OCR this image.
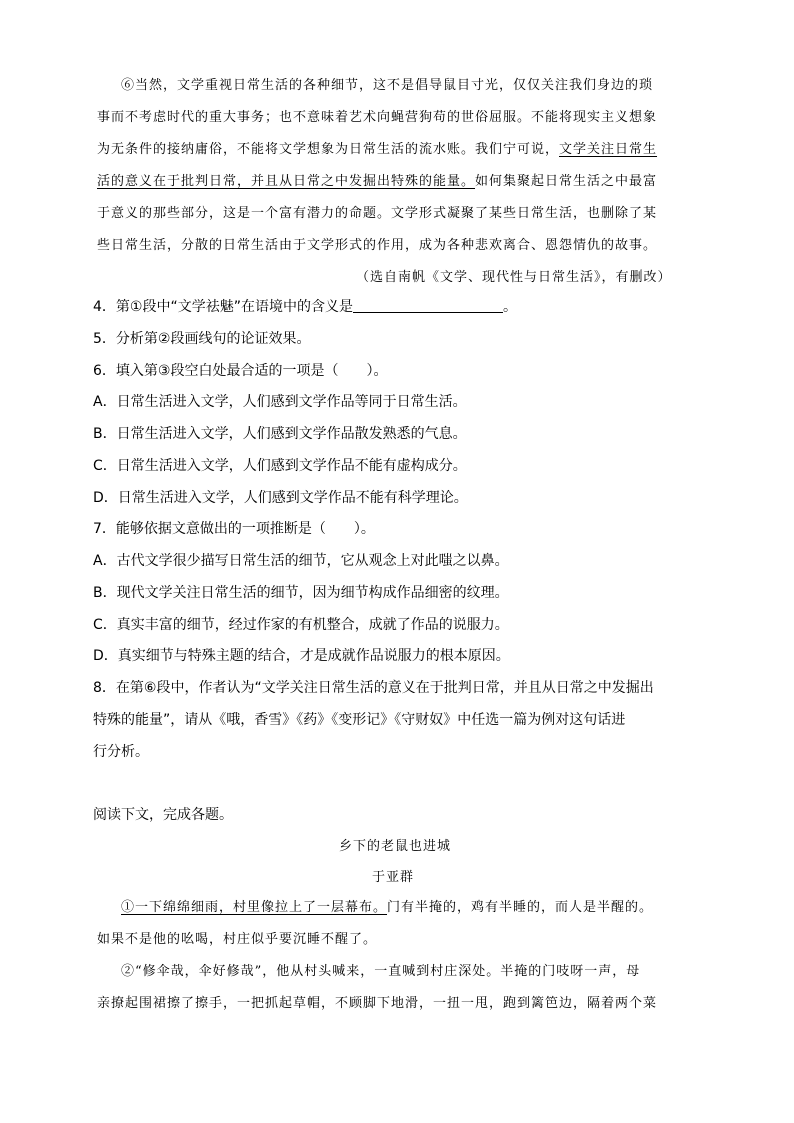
⑥当然，文学重视日常生活的各种细节，这不是倡导鼠目寸光，仅仅关注我们身边的琐
事而不考虑时代的重大事务；也不意味着艺术向蝇营狗苟的世俗屈服。不能将现实主义想象
为无条件的接纳庸俗，不能将文学想象为日常生活的流水账。我们宁可说，文学关注日常生
活的意义在于批判日常，并且从日常之中发掘出特殊的能量。如何集聚起日常生活之中最富
于意义的那些部分，这是一个富有潜力的命题。文学形式凝聚了某些日常生活，也删除了某
些日常生活，分散的日常生活由于文学形式的作用，成为各种悲欢离合、恩怨情仇的故事。
（选自南帆《文学、现代性与日常生活》，有删改）
4．第①段中“文学祛魅”在语境中的含义是	。
5．分析第②段画线句的论证效果。
6．填入第③段空白处最合适的一项是（　　）。
A．日常生活进入文学，人们感到文学作品等同于日常生活。
B．日常生活进入文学，人们感到文学作品散发熟悉的气息。
C．日常生活进入文学，人们感到文学作品不能有虚构成分。
D．日常生活进入文学，人们感到文学作品不能有科学理论。
7．能够依据文意做出的一项推断是（　　）。
A．古代文学很少描写日常生活的细节，它从观念上对此嗤之以鼻。
B．现代文学关注日常生活的细节，因为细节构成作品细密的纹理。
C．真实丰富的细节，经过作家的有机整合，成就了作品的说服力。
D．真实细节与特殊主题的结合，才是成就作品说服力的根本原因。
8．在第⑥段中，作者认为“文学关注日常生活的意义在于批判日常，并且从日常之中发掘出
特殊的能量”，请从《哦，香雪》《药》《变形记》《守财奴》中任选一篇为例对这句话进
行分析。
阅读下文，完成各题。
乡下的老鼠也进城
于亚群
①一下绵绵细雨，村里像拉上了一层幕布。门有半掩的，鸡有半睡的，而人是半醒的。
如果不是他的吆喝，村庄似乎要沉睡不醒了。
②“修伞哉，伞好修哉”，他从村头喊来，一直喊到村庄深处。半掩的门吱呀一声，母
亲撩起围裙擦了擦手，一把抓起草帽，不顾脚下地滑，一扭一甩，跑到篱笆边，隔着两个菜
